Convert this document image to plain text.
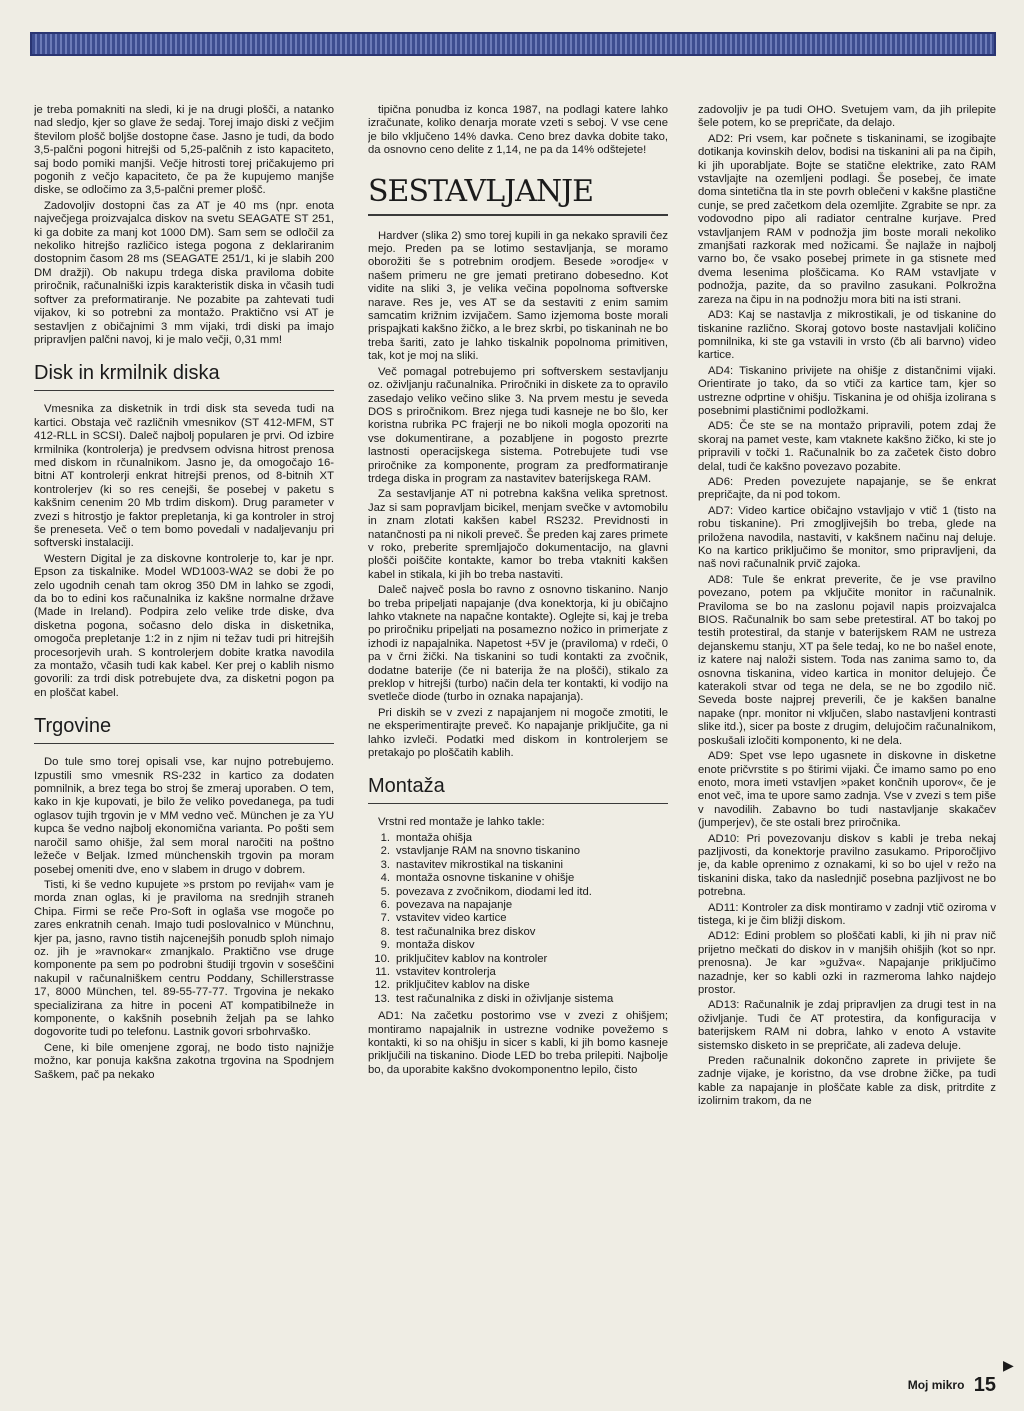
je treba pomakniti na sledi, ki je na drugi plošči, a natanko nad sledjo, kjer so glave že sedaj. Torej imajo diski z večjim številom plošč boljše dostopne čase. Jasno je tudi, da bodo 3,5-palčni pogoni hitrejši od 5,25-palčnih z isto kapaciteto, saj bodo pomiki manjši. Večje hitrosti torej pričakujemo pri pogonih z večjo kapaciteto, če pa že kupujemo manjše diske, se odločimo za 3,5-palčni premer plošč.

Zadovoljiv dostopni čas za AT je 40 ms (npr. enota največjega proizvajalca diskov na svetu SEAGATE ST 251, ki ga dobite za manj kot 1000 DM). Sam sem se odločil za nekoliko hitrejšo različico istega pogona z deklariranim dostopnim časom 28 ms (SEAGATE 251/1, ki je slabih 200 DM dražji). Ob nakupu trdega diska praviloma dobite priročnik, računalniški izpis karakteristik diska in včasih tudi softver za preformatiranje. Ne pozabite pa zahtevati tudi vijakov, ki so potrebni za montažo. Praktično vsi AT je sestavljen z običajnimi 3 mm vijaki, trdi diski pa imajo pripravljen palčni navoj, ki je malo večji, 0,31 mm!

Disk in krmilnik diska

Vmesnika za disketnik in trdi disk sta seveda tudi na kartici. Obstaja več različnih vmesnikov (ST 412-MFM, ST 412-RLL in SCSI). Daleč najbolj popularen je prvi. Od izbire krmilnika (kontrolerja) je predvsem odvisna hitrost prenosa med diskom in rčunalnikom. Jasno je, da omogočajo 16-bitni AT kontrolerji enkrat hitrejši prenos, od 8-bitnih XT kontrolerjev (ki so res cenejši, še posebej v paketu s kakšnim cenenim 20 Mb trdim diskom). Drug parameter v zvezi s hitrostjo je faktor prepletanja, ki ga kontroler in stroj še preneseta. Več o tem bomo povedali v nadaljevanju pri softverski instalaciji.

Western Digital je za diskovne kontrolerje to, kar je npr. Epson za tiskalnike. Model WD1003-WA2 se dobi že po zelo ugodnih cenah tam okrog 350 DM in lahko se zgodi, da bo to edini kos računalnika iz kakšne normalne države (Made in Ireland). Podpira zelo velike trde diske, dva disketna pogona, sočasno delo diska in disketnika, omogoča prepletanje 1:2 in z njim ni težav tudi pri hitrejših procesorjevih urah. S kontrolerjem dobite kratka navodila za montažo, včasih tudi kak kabel. Ker prej o kablih nismo govorili: za trdi disk potrebujete dva, za disketni pogon pa en ploščat kabel.

Trgovine

Do tule smo torej opisali vse, kar nujno potrebujemo. Izpustili smo vmesnik RS-232 in kartico za dodaten pomnilnik, a brez tega bo stroj še zmeraj uporaben. O tem, kako in kje kupovati, je bilo že veliko povedanega, pa tudi oglasov tujih trgovin je v MM vedno več. München je za YU kupca še vedno najbolj ekonomična varianta. Po pošti sem naročil samo ohišje, žal sem moral naročiti na poštno ležeče v Beljak. Izmed münchenskih trgovin pa moram posebej omeniti dve, eno v slabem in drugo v dobrem.

Tisti, ki še vedno kupujete »s prstom po revijah« vam je morda znan oglas, ki je praviloma na srednjih straneh Chipa. Firmi se reče Pro-Soft in oglaša vse mogoče po zares enkratnih cenah. Imajo tudi poslovalnico v Münchnu, kjer pa, jasno, ravno tistih najcenejših ponudb sploh nimajo oz. jih je »ravnokar« zmanjkalo. Praktično vse druge komponente pa sem po podrobni študiji trgovin v soseščini nakupil v računalniškem centru Poddany, Schillerstrasse 17, 8000 München, tel. 89-55-77-77. Trgovina je nekako specializirana za hitre in poceni AT kompatibilneže in komponente, o kakšnih posebnih željah pa se lahko dogovorite tudi po telefonu. Lastnik govori srbohrvaško.

Cene, ki bile omenjene zgoraj, ne bodo tisto najnižje možno, kar ponuja kakšna zakotna trgovina na Spodnjem Saškem, pač pa nekako

tipična ponudba iz konca 1987, na podlagi katere lahko izračunate, koliko denarja morate vzeti s seboj. V vse cene je bilo vključeno 14% davka. Ceno brez davka dobite tako, da osnovno ceno delite z 1,14, ne pa da 14% odštejete!

SESTAVLJANJE

Hardver (slika 2) smo torej kupili in ga nekako spravili čez mejo. Preden pa se lotimo sestavljanja, se moramo oborožiti še s potrebnim orodjem. Besede »orodje« v našem primeru ne gre jemati pretirano dobesedno. Kot vidite na sliki 3, je velika večina popolnoma softverske narave. Res je, ves AT se da sestaviti z enim samim samcatim križnim izvijačem. Samo izjemoma boste morali prispajkati kakšno žičko, a le brez skrbi, po tiskaninah ne bo treba šariti, zato je lahko tiskalnik popolnoma primitiven, tak, kot je moj na sliki.

Več pomagal potrebujemo pri softverskem sestavljanju oz. oživljanju računalnika. Priročniki in diskete za to opravilo zasedajo veliko večino slike 3. Na prvem mestu je seveda DOS s priročnikom. Brez njega tudi kasneje ne bo šlo, ker koristna rubrika PC frajerji ne bo nikoli mogla opozoriti na vse dokumentirane, a pozabljene in pogosto prezrte lastnosti operacijskega sistema. Potrebujete tudi vse priročnike za komponente, program za predformatiranje trdega diska in program za nastavitev baterijskega RAM.

Za sestavljanje AT ni potrebna kakšna velika spretnost. Jaz si sam popravljam bicikel, menjam svečke v avtomobilu in znam zlotati kakšen kabel RS232. Previdnosti in natančnosti pa ni nikoli preveč. Še preden kaj zares primete v roko, preberite spremljajočo dokumentacijo, na glavni plošči poiščite kontakte, kamor bo treba vtakniti kakšen kabel in stikala, ki jih bo treba nastaviti.

Daleč največ posla bo ravno z osnovno tiskanino. Nanjo bo treba pripeljati napajanje (dva konektorja, ki ju običajno lahko vtaknete na napačne kontakte). Oglejte si, kaj je treba po priročniku pripeljati na posamezno nožico in primerjate z izhodi iz napajalnika. Napetost +5V je (praviloma) v rdeči, 0 pa v črni žički. Na tiskanini so tudi kontakti za zvočnik, dodatne baterije (če ni baterija že na plošči), stikalo za preklop v hitrejši (turbo) način dela ter kontakti, ki vodijo na svetleče diode (turbo in oznaka napajanja).

Pri diskih se v zvezi z napajanjem ni mogoče zmotiti, le ne eksperimentirajte preveč. Ko napajanje priključite, ga ni lahko izvleči. Podatki med diskom in kontrolerjem se pretakajo po ploščatih kablih.

Montaža

Vrstni red montaže je lahko takle:

1. montaža ohišja
2. vstavljanje RAM na snovno tiskanino
3. nastavitev mikrostikal na tiskanini
4. montaža osnovne tiskanine v ohišje
5. povezava z zvočnikom, diodami led itd.
6. povezava na napajanje
7. vstavitev video kartice
8. test računalnika brez diskov
9. montaža diskov
10. priključitev kablov na kontroler
11. vstavitev kontrolerja
12. priključitev kablov na diske
13. test računalnika z diski in oživljanje sistema

AD1: Na začetku postorimo vse v zvezi z ohišjem; montiramo napajalnik in ustrezne vodnike povežemo s kontakti, ki so na ohišju in sicer s kabli, ki jih bomo kasneje priključili na tiskanino. Diode LED bo treba prilepiti. Najbolje bo, da uporabite kakšno dvokomponentno lepilo, čisto

zadovoljiv je pa tudi OHO. Svetujem vam, da jih prilepite šele potem, ko se prepričate, da delajo.

AD2: Pri vsem, kar počnete s tiskaninami, se izogibajte dotikanja kovinskih delov, bodisi na tiskanini ali pa na čipih, ki jih uporabljate. Bojte se statične elektrike, zato RAM vstavljajte na ozemljeni podlagi. Še posebej, če imate doma sintetična tla in ste povrh oblečeni v kakšne plastične cunje, se pred začetkom dela ozemljite. Zgrabite se npr. za vodovodno pipo ali radiator centralne kurjave. Pred vstavljanjem RAM v podnožja jim boste morali nekoliko zmanjšati razkorak med nožicami. Še najlaže in najbolj varno bo, če vsako posebej primete in ga stisnete med dvema lesenima ploščicama. Ko RAM vstavljate v podnožja, pazite, da so pravilno zasukani. Polkrožna zareza na čipu in na podnožju mora biti na isti strani.

AD3: Kaj se nastavlja z mikrostikali, je od tiskanine do tiskanine različno. Skoraj gotovo boste nastavljali količino pomnilnika, ki ste ga vstavili in vrsto (čb ali barvno) video kartice.

AD4: Tiskanino privijete na ohišje z distančnimi vijaki. Orientirate jo tako, da so vtiči za kartice tam, kjer so ustrezne odprtine v ohišju. Tiskanina je od ohišja izolirana s posebnimi plastičnimi podložkami.

AD5: Če ste se na montažo pripravili, potem zdaj že skoraj na pamet veste, kam vtaknete kakšno žičko, ki ste jo pripravili v točki 1. Računalnik bo za začetek čisto dobro delal, tudi če kakšno povezavo pozabite.

AD6: Preden povezujete napajanje, se še enkrat prepričajte, da ni pod tokom.

AD7: Video kartice običajno vstavljajo v vtič 1 (tisto na robu tiskanine). Pri zmogljivejših bo treba, glede na priloženа navodila, nastaviti, v kakšnem načinu naj deluje. Ko na kartico priključimo še monitor, smo pripravljeni, da naš novi računalnik prvič zajoka.

AD8: Tule še enkrat preverite, če je vse pravilno povezano, potem pa vključite monitor in računalnik. Praviloma se bo na zaslonu pojavil napis proizvajalca BIOS. Računalnik bo sam sebe pretestiral. AT bo takoj po testih protestiral, da stanje v baterijskem RAM ne ustreza dejanskemu stanju, XT pa šele tedaj, ko ne bo našel enote, iz katere naj naloži sistem. Toda nas zanima samo to, da osnovna tiskanina, video kartica in monitor delujejo. Če katerakoli stvar od tega ne dela, se ne bo zgodilo nič. Seveda boste najprej preverili, če je kakšen banalne napake (npr. monitor ni vključen, slabo nastavljeni kontrasti slike itd.), sicer pa boste z drugim, delujočim računalnikom, poskušali izločiti komponento, ki ne dela.

AD9: Spet vse lepo ugasnete in diskovne in disketne enote pričvrstite s po štirimi vijaki. Če imamo samo po eno enoto, mora imeti vstavljen »paket končnih uporov«, če je enot več, ima te upore samo zadnja. Vse v zvezi s tem piše v navodilih. Zabavno bo tudi nastavljanje skakačev (jumperjev), če ste ostali brez priročnika.

AD10: Pri povezovanju diskov s kabli je treba nekaj pazljivosti, da konektorje pravilno zasukamo. Priporočljivo je, da kable oprenimo z oznakami, ki so bo ujel v režo na tiskanini diska, tako da naslednjič posebna pazljivost ne bo potrebna.

AD11: Kontroler za disk montiramo v zadnji vtič oziroma v tistega, ki je čim bližji diskom.

AD12: Edini problem so ploščati kabli, ki jih ni prav nič prijetno mečkati do diskov in v manjših ohišjih (kot so npr. prenosna). Je kar »gužva«. Napajanje priključimo nazadnje, ker so kabli ozki in razmeroma lahko najdejo prostor.

AD13: Računalnik je zdaj pripravljen za drugi test in na oživljanje. Tudi če AT protestira, da konfiguracija v baterijskem RAM ni dobra, lahko v enoto A vstavite sistemsko disketo in se prepričate, ali zadeva deluje.

Preden računalnik dokončno zaprete in privijete še zadnje vijake, je koristno, da vse drobne žičke, pa tudi kable za napajanje in ploščate kable za disk, pritrdite z izolirnim trakom, da ne

▶
Moj mikro 15
